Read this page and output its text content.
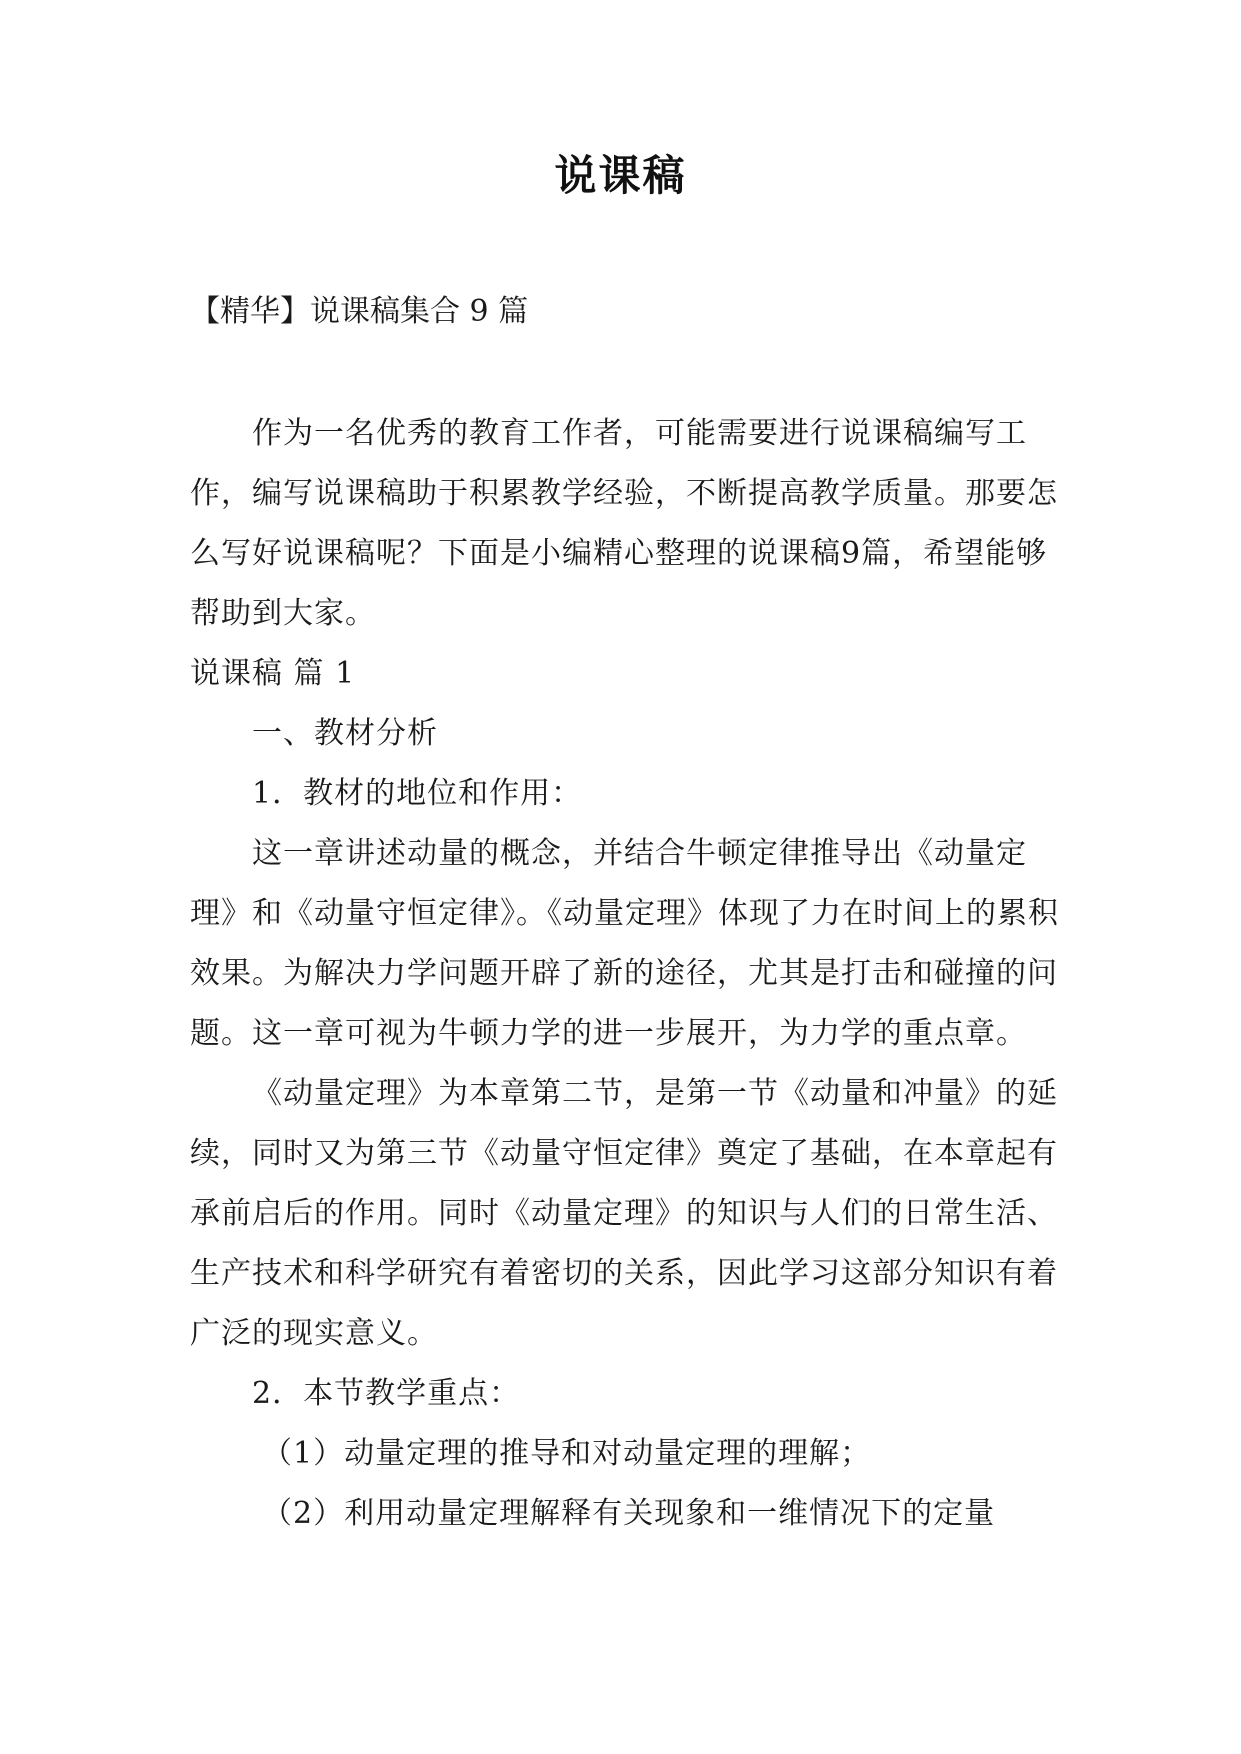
说课稿
【精华】说课稿集合 9 篇

作为一名优秀的教育工作者，可能需要进行说课稿编写工作，编写说课稿助于积累教学经验，不断提高教学质量。那要怎么写好说课稿呢？下面是小编精心整理的说课稿9篇，希望能够帮助到大家。

说课稿 篇 1

一、教材分析

1．教材的地位和作用：

这一章讲述动量的概念，并结合牛顿定律推导出《动量定理》和《动量守恒定律》。《动量定理》体现了力在时间上的累积效果。为解决力学问题开辟了新的途径，尤其是打击和碰撞的问题。这一章可视为牛顿力学的进一步展开，为力学的重点章。

《动量定理》为本章第二节，是第一节《动量和冲量》的延续，同时又为第三节《动量守恒定律》奠定了基础，在本章起有承前启后的作用。同时《动量定理》的知识与人们的日常生活、生产技术和科学研究有着密切的关系，因此学习这部分知识有着广泛的现实意义。

2．本节教学重点：

（1）动量定理的推导和对动量定理的理解；

（2）利用动量定理解释有关现象和一维情况下的定量
